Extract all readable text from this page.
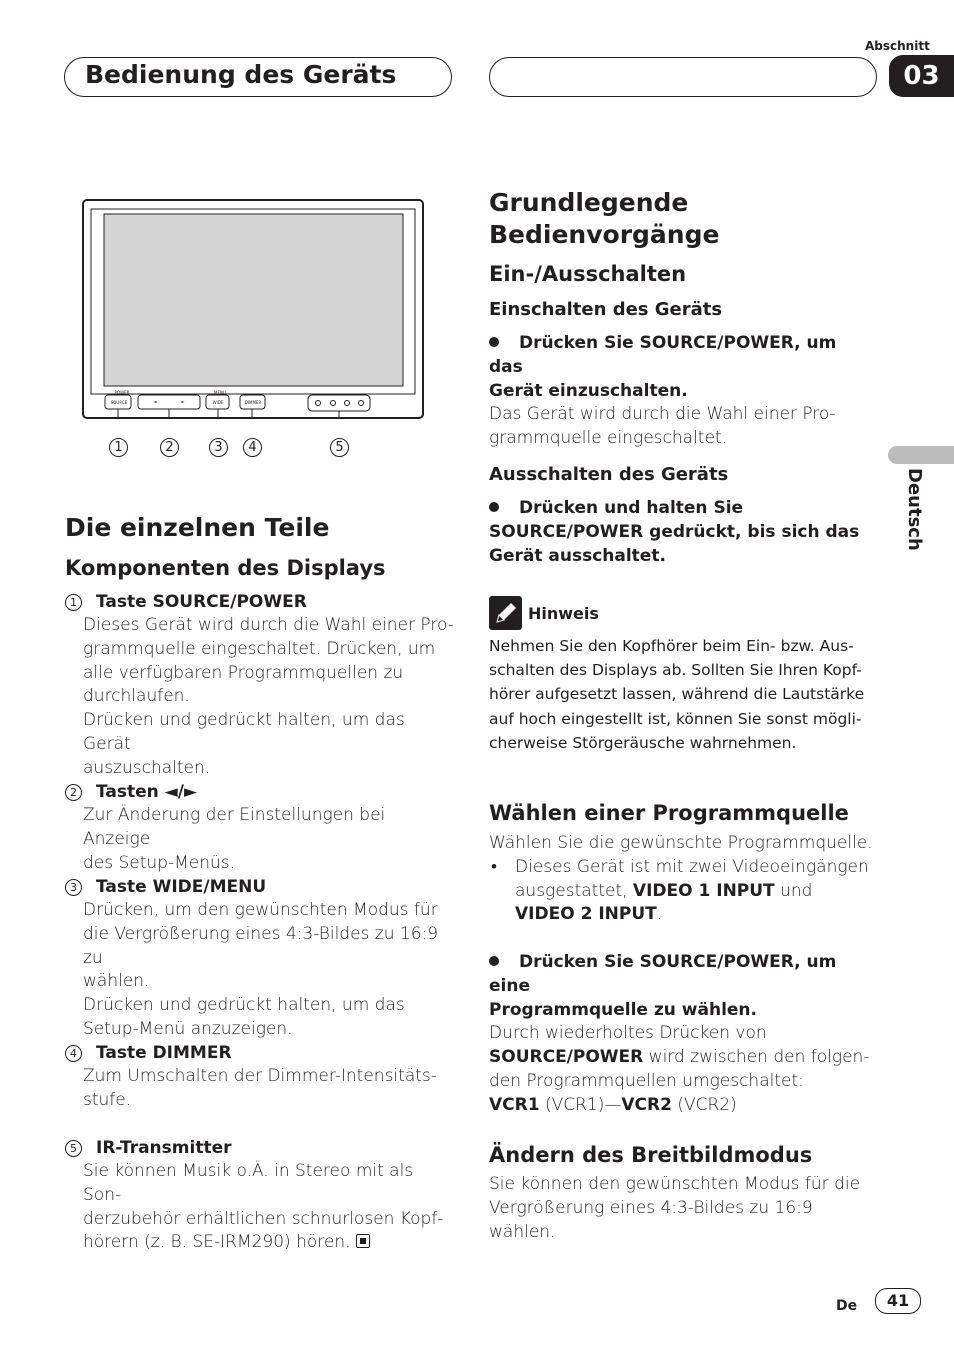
Bedienung des Geräts
Abschnitt
03
Deutsch
POWER
SOURCE
MENU
WIDE	DIMMER
◄	►
1	2	3	4	5
Die einzelnen Teile
Komponenten des Displays
1 Taste SOURCE/POWER
Dieses Gerät wird durch die Wahl einer Pro-
grammquelle eingeschaltet. Drücken, um
alle verfügbaren Programmquellen zu
durchlaufen.
Drücken und gedrückt halten, um das Gerät
auszuschalten.
2 Tasten ◄/►
Zur Änderung der Einstellungen bei Anzeige
des Setup-Menüs.
3 Taste WIDE/MENU
Drücken, um den gewünschten Modus für
die Vergrößerung eines 4:3-Bildes zu 16:9 zu
wählen.
Drücken und gedrückt halten, um das
Setup-Menü anzuzeigen.
4 Taste DIMMER
Zum Umschalten der Dimmer-Intensitäts-
stufe.
5 IR-Transmitter
Sie können Musik o.Ä. in Stereo mit als Son-
derzubehör erhältlichen schnurlosen Kopf-
hörern (z. B. SE-IRM290) hören.
Grundlegende
Bedienvorgänge
Ein-/Ausschalten
Einschalten des Geräts
Drücken Sie SOURCE/POWER, um das
Gerät einzuschalten.
Das Gerät wird durch die Wahl einer Pro-
grammquelle eingeschaltet.
Ausschalten des Geräts
Drücken und halten Sie
SOURCE/POWER gedrückt, bis sich das
Gerät ausschaltet.
Hinweis
Nehmen Sie den Kopfhörer beim Ein- bzw. Aus-
schalten des Displays ab. Sollten Sie Ihren Kopf-
hörer aufgesetzt lassen, während die Lautstärke
auf hoch eingestellt ist, können Sie sonst mögli-
cherweise Störgeräusche wahrnehmen.
Wählen einer Programmquelle
Wählen Sie die gewünschte Programmquelle.
• Dieses Gerät ist mit zwei Videoeingängen
ausgestattet, VIDEO 1 INPUT und
VIDEO 2 INPUT.
Drücken Sie SOURCE/POWER, um eine
Programmquelle zu wählen.
Durch wiederholtes Drücken von
SOURCE/POWER wird zwischen den folgen-
den Programmquellen umgeschaltet:
VCR1 (VCR1)—VCR2 (VCR2)
Ändern des Breitbildmodus
Sie können den gewünschten Modus für die
Vergrößerung eines 4:3-Bildes zu 16:9 wählen.
De	41
